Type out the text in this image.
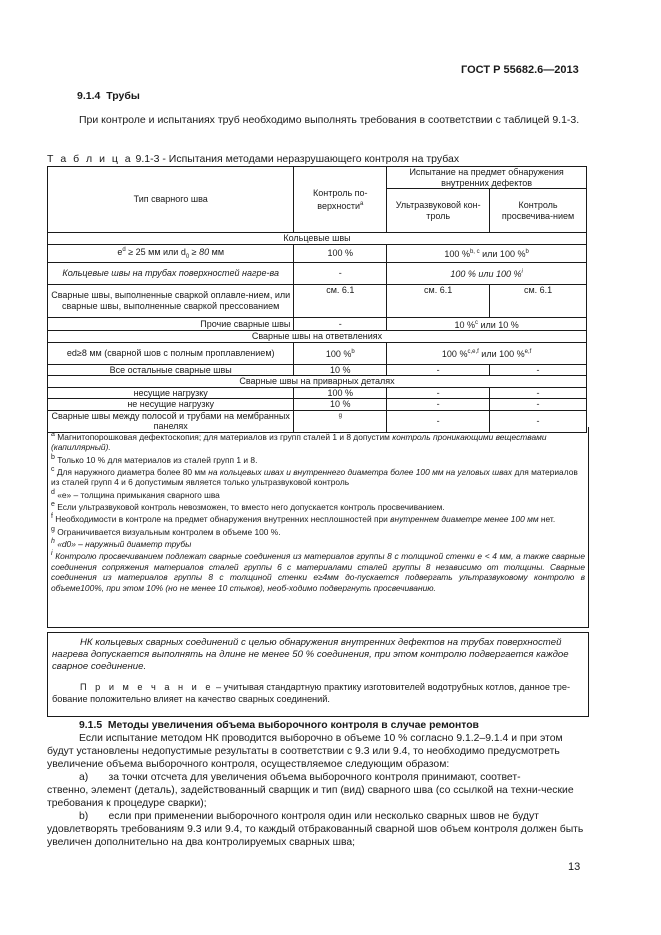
ГОСТ Р 55682.6—2013
9.1.4 Трубы
При контроле и испытаниях труб необходимо выполнять требования в соответствии с таблицей 9.1-3.
Т а б л и ц а 9.1-3 - Испытания методами неразрушающего контроля на трубах
Тип сварного шва	Контроль по-верхности$^a$	Испытание на предмет обнаружения внутренних дефектов	
		Ультразвуковой кон-троль	Контроль просвечива-нием
Кольцевые швы			
$e^d \ge 25$ мм или $d_0 \ge 80$ мм	100 %	100 %$^{b, c}$ или 100 %$^b$
Кольцевые швы на трубах поверхностей нагре-ва	-	100 % или 100 %$^i$
Сварные швы, выполненные сваркой оплавле-нием, или сварные швы, выполненные сваркой прессованием	см. 6.1	см. 6.1	см. 6.1
Прочие сварные швы	-	10 %$^c$ или 10 %	
Сварные швы на ответвлениях			
ed≥8 мм (сварной шов с полным проплавлением)	100 %$^b$	100 %$^{c,e,f}$ или 100 %$^{e,f}$
Все остальные сварные швы	10 %	-	-
Сварные швы на приварных деталях			
несущие нагрузку	100 %	-	-
не несущие нагрузку	10 %	-	-
Сварные швы между полосой и трубами на мембранных панелях	$^g$	-	-

$^a$ Магнитопорошковая дефектоскопия; для материалов из групп сталей 1 и 8 допустим контроль проникающими веществами (капиллярный).

$^b$ Только 10 % для материалов из сталей групп 1 и 8.

$^c$ Для наружного диаметра более 80 мм на кольцевых швах и внутреннего диаметра более 100 мм на угловых швах для материалов из сталей групп 4 и 6 допустимым является только ультразвуковой контроль

$^d$ «е» – толщина примыкания сварного шва

$^e$ Если ультразвуковой контроль невозможен, то вместо него допускается контроль просвечиванием.

$^f$ Необходимости в контроле на предмет обнаружения внутренних несплошностей при внутреннем диаметре менее 100 мм нет.

$^g$ Ограничивается визуальным контролем в объеме 100 %.

$^h$ «d0» – наружный диаметр трубы

$^i$ Контролю просвечиванием подлежат сварные соединения из материалов группы 8 с толщиной стенки е < 4 мм, а также сварные соединения сопряжения материалов сталей группы 6 с материалами сталей группы 8 независимо от толщины. Сварные соединения из материалов группы 8 с толщиной стенки е≥4мм до-пускается подвергать ультразвуковому контролю в объеме100%, при этом 10% (но не менее 10 стыков), необ-ходимо подвергнуть просвечиванию.

НК кольцевых сварных соединений с целью обнаружения внутренних дефектов на трубах поверхностей нагрева допускается выполнять на длине не менее 50 % соединения, при этом контролю подвергается каждое сварное соединение.

П р и м е ч а н и е – учитывая стандартную практику изготовителей водотрубных котлов, данное тре-бование положительно влияет на качество сварных соединений.

9.1.5 Методы увеличения объема выборочного контроля в случае ремонтов

Если испытание методом НК проводится выборочно в объеме 10 % согласно 9.1.2–9.1.4 и при этом будут установлены недопустимые результаты в соответствии с 9.3 или 9.4, то необходимо предусмотреть увеличение объема выборочного контроля, осуществляемое следующим образом:

а) за точки отсчета для увеличения объема выборочного контроля принимают, соответ-

ственно, элемент (деталь), задействованный сварщик и тип (вид) сварного шва (со ссылкой на техни-ческие требования к процедуре сварки);

b) если при применении выборочного контроля один или несколько сварных швов не будут

удовлетворять требованиям 9.3 или 9.4, то каждый отбракованный сварной шов объем контроля должен быть увеличен дополнительно на два контролируемых сварных шва;

13
